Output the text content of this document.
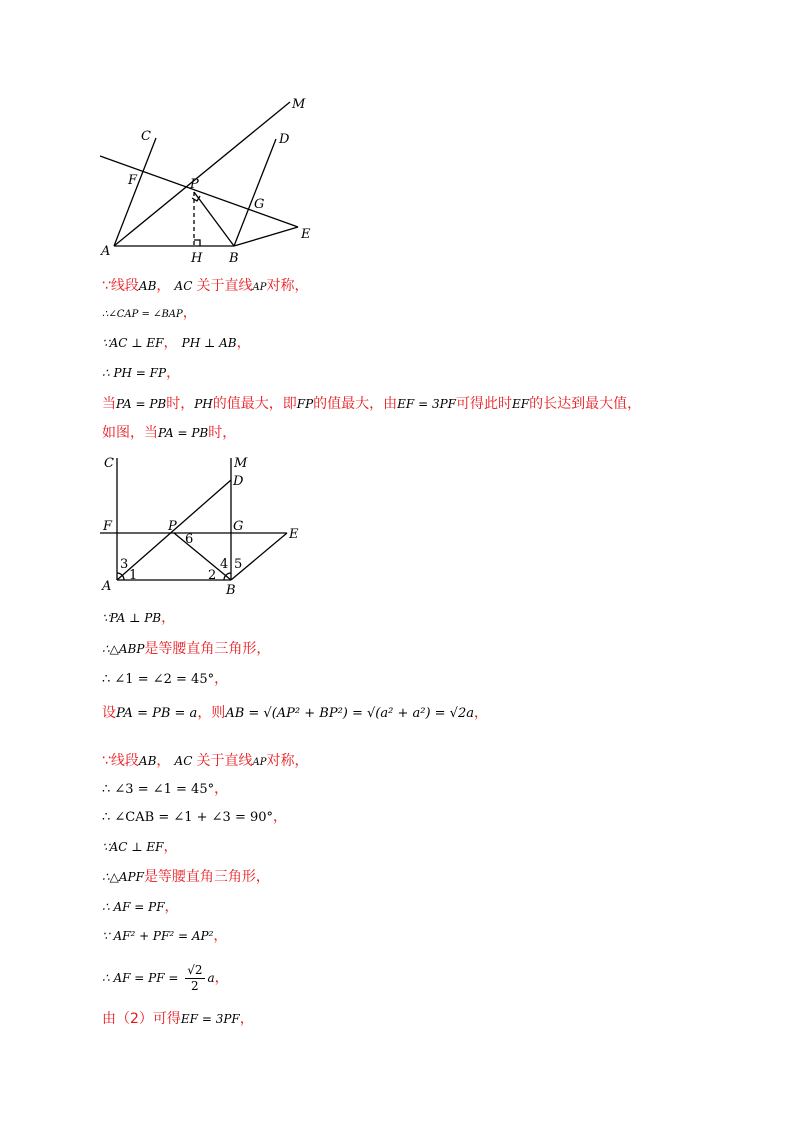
M
C	D
F	P
G
E
A	H B
∵线段AB， AC 关于直线AP对称，
∴∠CAP = ∠BAP，
∵AC ⊥ EF， PH ⊥ AB，
∴ PH = FP，
当PA = PB时，PH的值最大，即FP的值最大，由EF = 3PF可得此时EF的长达到最大值，
如图，当PA = PB时，
C	M
D
F	P	G
E
A	B
1	2
3	4 5
6
∵PA ⊥ PB，
∴△ABP是等腰直角三角形，
∴ ∠1 = ∠2 = 45°，
设PA = PB = a，则AB = √(AP² + BP²) = √(a² + a²) = √2a，
∵线段AB， AC 关于直线AP对称，
∴ ∠3 = ∠1 = 45°，
∴ ∠CAB = ∠1 + ∠3 = 90°，
∵AC ⊥ EF，
∴△APF是等腰直角三角形，
∴ AF = PF，
∵ AF² + PF² = AP²，
∴ AF = PF = $\frac{√2}{2}$ a ，
由（2）可得EF = 3PF，
